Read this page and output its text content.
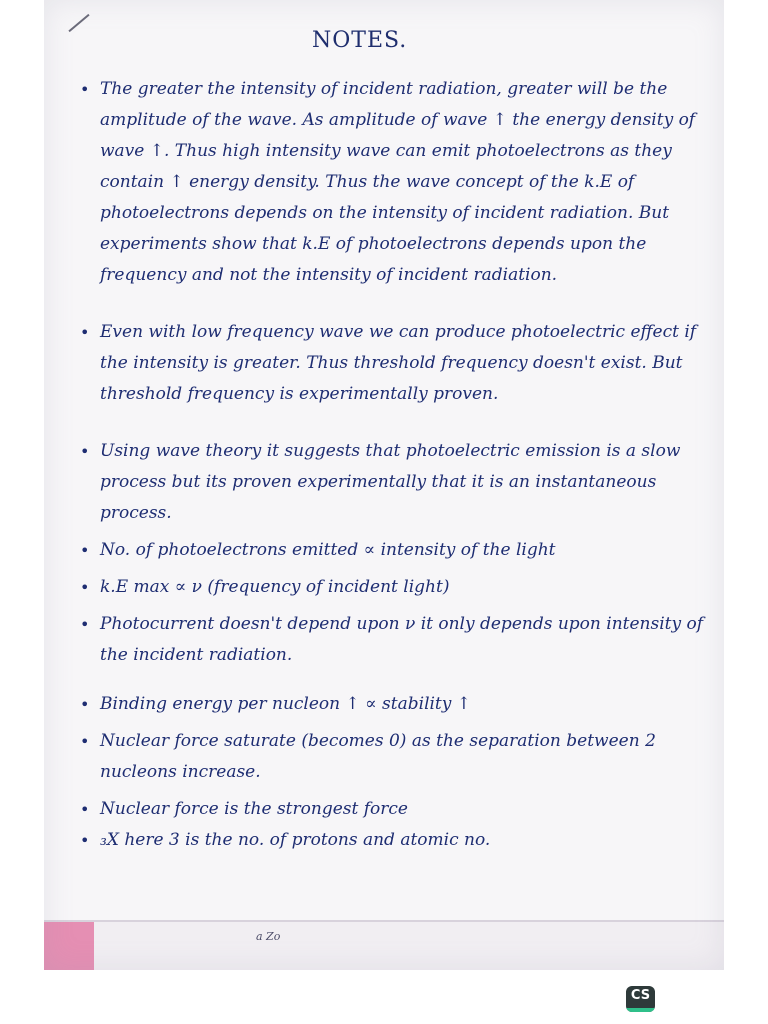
NOTES.
• The greater the intensity of incident radiation, greater will be the amplitude of the wave. As amplitude of wave ↑ the energy density of wave ↑. Thus high intensity wave can emit photoelectrons as they contain ↑ energy density. Thus the wave concept of the k.E of photoelectrons depends on the intensity of incident radiation. But experiments show that k.E of photoelectrons depends upon the frequency and not the intensity of incident radiation.
• Even with low frequency wave we can produce photoelectric effect if the intensity is greater. Thus threshold frequency doesn't exist. But threshold frequency is experimentally proven.
• Using wave theory it suggests that photoelectric emission is a slow process but its proven experimentally that it is an instantaneous process.
• No. of photoelectrons emitted ∝ intensity of the light
• k.E max ∝ ν (frequency of incident light)
• Photocurrent doesn't depend upon ν it only depends upon intensity of the incident radiation.
• Binding energy per nucleon ↑ ∝ stability ↑
• Nuclear force saturate (becomes 0) as the separation between 2 nucleons increase.
• Nuclear force is the strongest force
• ₃X here 3 is the no. of protons and atomic no.
a Zo
CS
